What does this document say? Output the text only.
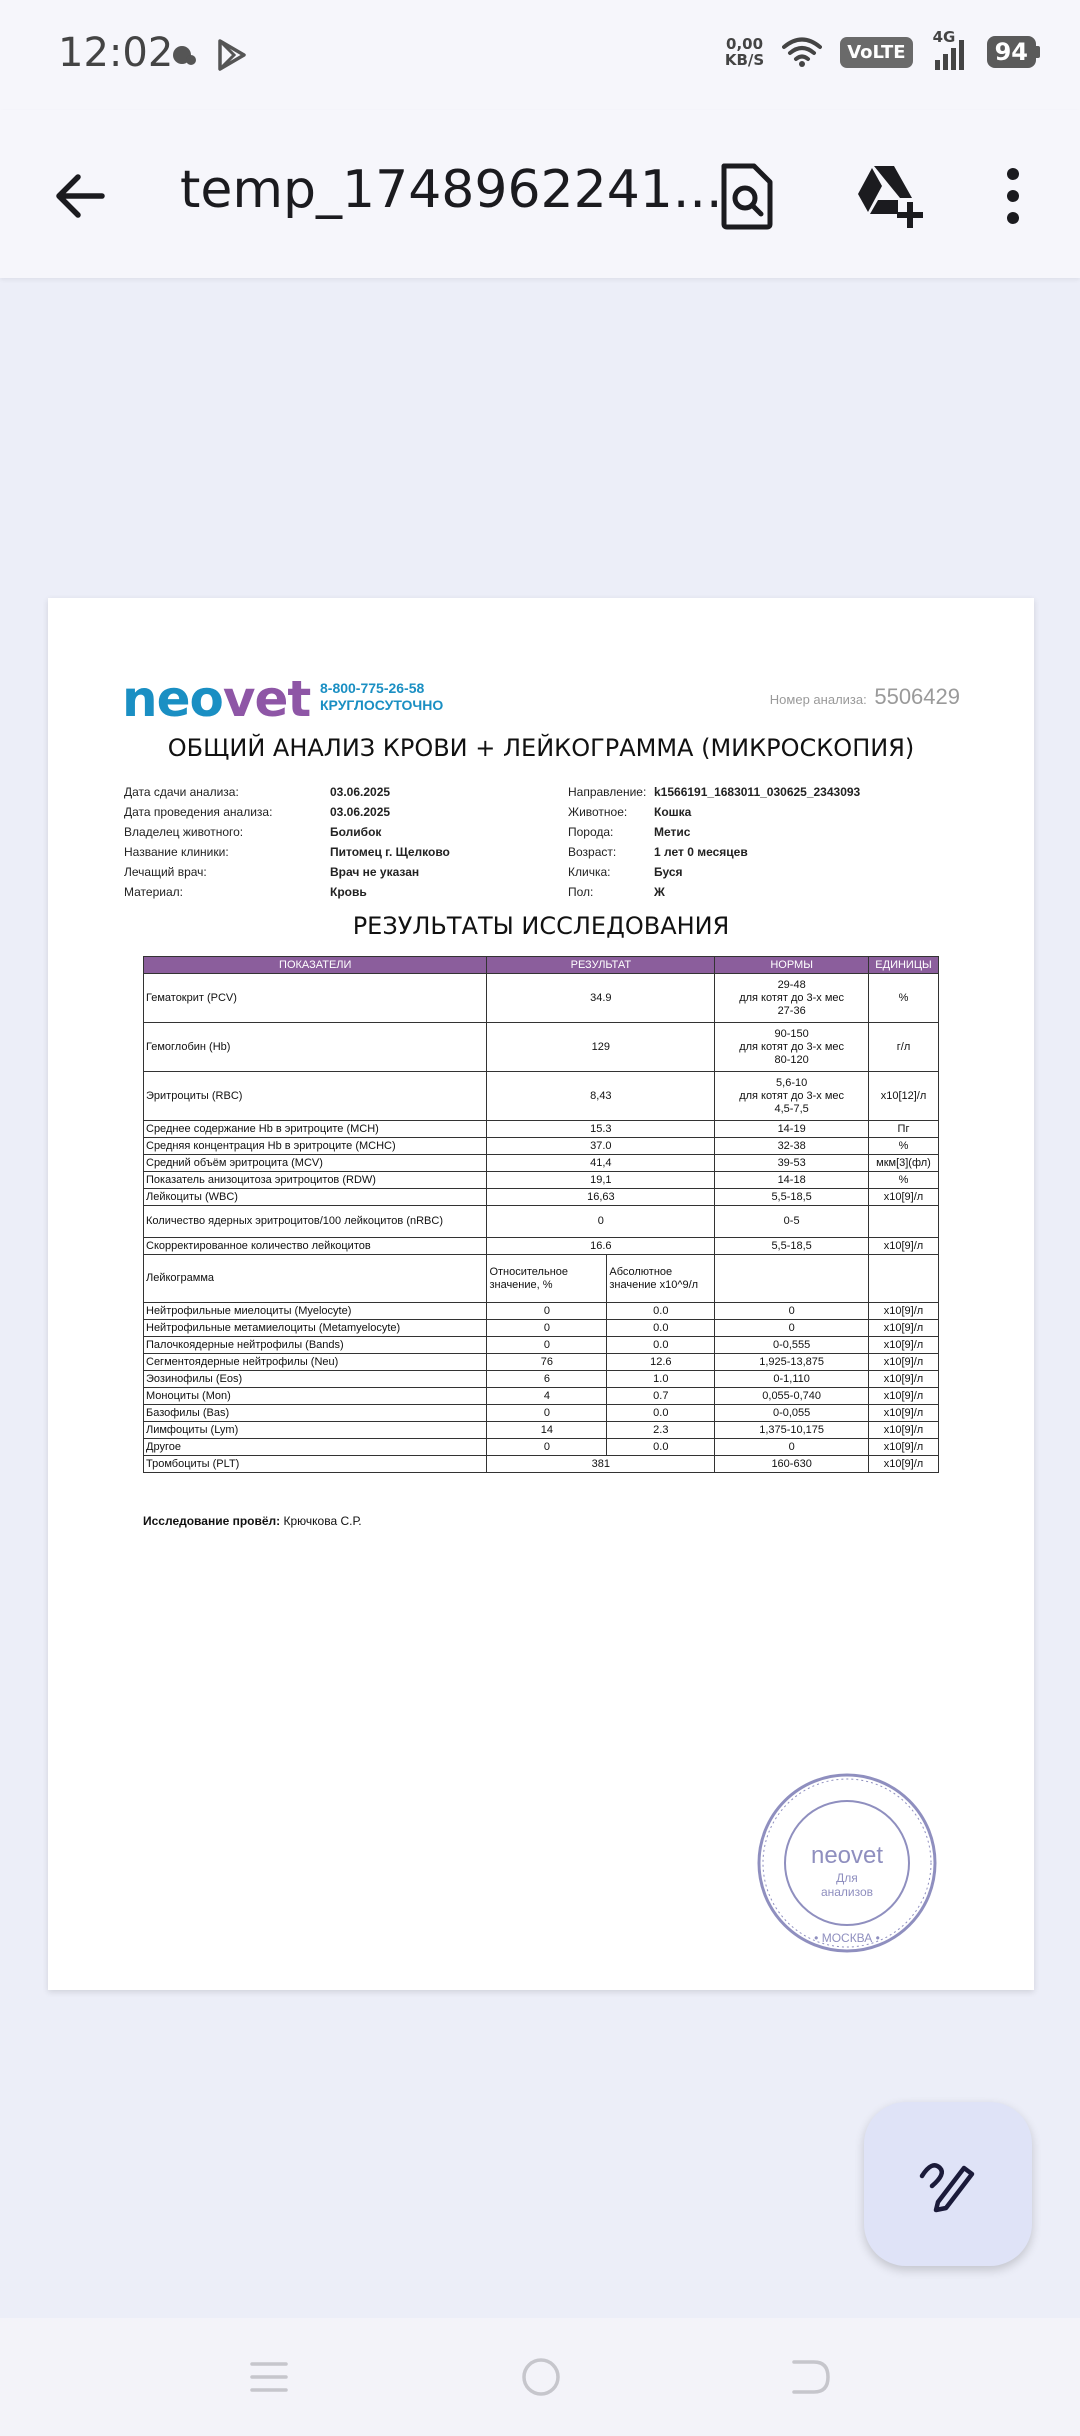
12:02	0,00
KB/S	VoLTE
4G
94
temp_1748962241...
neovet 8-800-775-26-58
КРУГЛОСУТОЧНО	Номер анализа: 5506429
ОБЩИЙ АНАЛИЗ КРОВИ + ЛЕЙКОГРАММА (МИКРОСКОПИЯ)
Дата сдачи анализа:	03.06.2025
Дата проведения анализа:	03.06.2025
Владелец животного:	Болибок
Название клиники:	Питомец г. Щелково
Лечащий врач:	Врач не указан
Материал:	Кровь
Направление: k1566191_1683011_030625_2343093
Животное:	Кошка
Порода:	Метис
Возраст:	1 лет 0 месяцев
Кличка:	Буся
Пол:	Ж
РЕЗУЛЬТАТЫ ИССЛЕДОВАНИЯ
ПОКАЗАТЕЛИ	РЕЗУЛЬТАТ		НОРМЫ	ЕДИНИЦЫ
Гематокрит (PCV)	34.9		29-48
для котят до 3-х мес
27-36	%
Гемоглобин (Hb)	129		90-150
для котят до 3-х мес
80-120	г/л
Эритроциты (RBC)	8,43		5,6-10
для котят до 3-х мес
4,5-7,5	x10[12]/л
Среднее содержание Hb в эритроците (MCH)	15.3		14-19	Пг
Средняя концентрация Hb в эритроците (MCHC)	37.0		32-38	%
Средний объём эритроцита (MCV)	41,4		39-53	мкм[3](фл)
Показатель анизоцитоза эритроцитов (RDW)	19,1		14-18	%
Лейкоциты (WBC)	16,63		5,5-18,5	x10[9]/л
Количество ядерных эритроцитов/100 лейкоцитов (nRBC)	0		0-5	
Скорректированное количество лейкоцитов	16.6		5,5-18,5	x10[9]/л
Лейкограмма	Относительное значение, %	Абсолютное значение x10^9/л		
Нейтрофильные миелоциты (Myelocyte)	0	0.0	0	x10[9]/л
Нейтрофильные метамиелоциты (Metamyelocyte)	0	0.0	0	x10[9]/л
Палочкоядерные нейтрофилы (Bands)	0	0.0	0-0,555	x10[9]/л
Сегментоядерные нейтрофилы (Neu)	76	12.6	1,925-13,875	x10[9]/л
Эозинофилы (Eos)	6	1.0	0-1,110	x10[9]/л
Моноциты (Mon)	4	0.7	0,055-0,740	x10[9]/л
Базофилы (Bas)	0	0.0	0-0,055	x10[9]/л
Лимфоциты (Lym)	14	2.3	1,375-10,175	x10[9]/л
Другое	0	0.0	0	x10[9]/л
Тромбоциты (PLT)	381		160-630	x10[9]/л
Исследование провёл: Крючкова С.Р.
neovet
Для
анализов
• МОСКВА •
